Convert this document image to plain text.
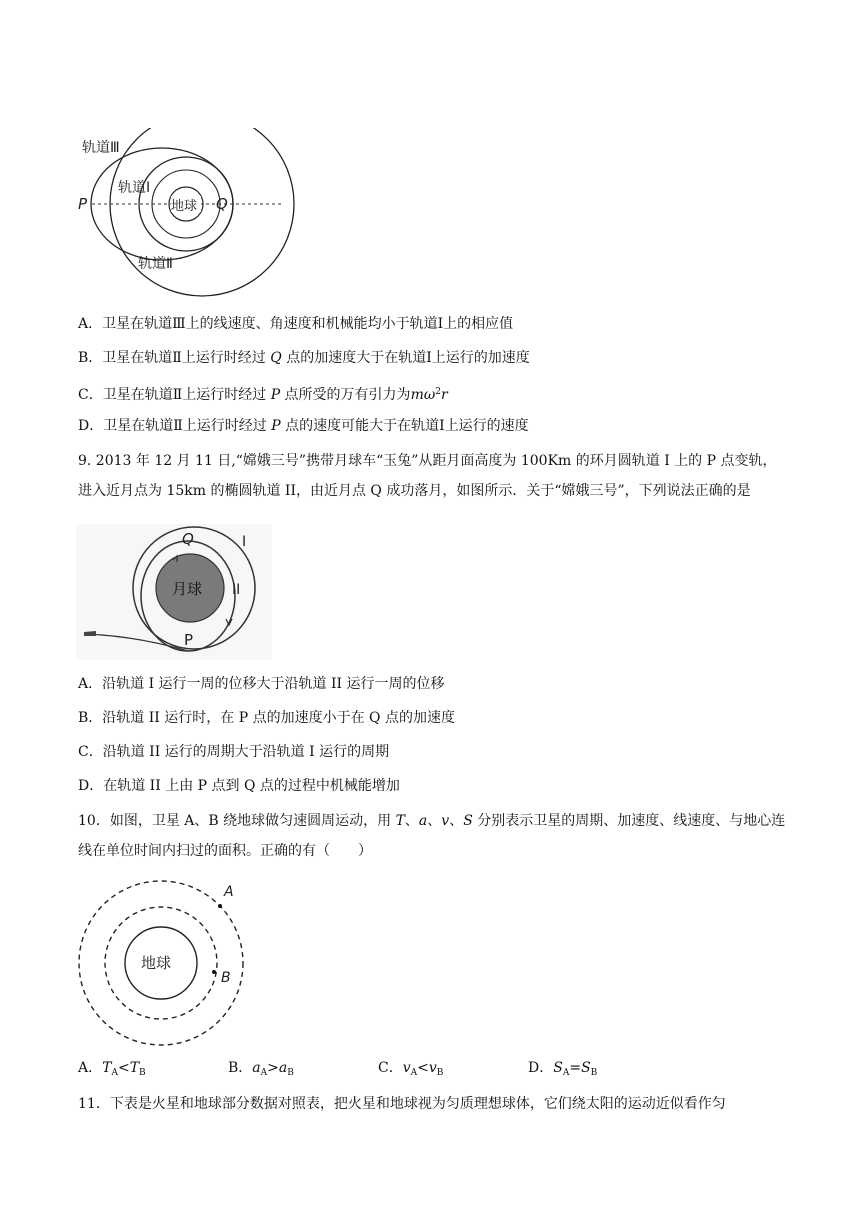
轨道Ⅲ
轨道Ⅰ
轨道Ⅱ
P	Q
地球
A．卫星在轨道Ⅲ上的线速度、角速度和机械能均小于轨道Ⅰ上的相应值
B．卫星在轨道Ⅱ上运行时经过 Q 点的加速度大于在轨道Ⅰ上运行的加速度
C．卫星在轨道Ⅱ上运行时经过 P 点所受的万有引力为$m\omega^2r$
D．卫星在轨道Ⅱ上运行时经过 P 点的速度可能大于在轨道Ⅰ上运行的速度
9. 2013 年 12 月 11 日,“嫦娥三号”携带月球车“玉兔”从距月面高度为 100Km 的环月圆轨道 I 上的 P 点变轨，进入近月点为 15km 的椭圆轨道 II，由近月点 Q 成功落月，如图所示．关于“嫦娥三号”，下列说法正确的是
Q	I
II
月球
P
A．沿轨道 I 运行一周的位移大于沿轨道 II 运行一周的位移
B．沿轨道 II 运行时，在 P 点的加速度小于在 Q 点的加速度
C．沿轨道 II 运行的周期大于沿轨道 I 运行的周期
D．在轨道 II 上由 P 点到 Q 点的过程中机械能增加
10．如图，卫星 A、B 绕地球做匀速圆周运动，用 T、a、v、S 分别表示卫星的周期、加速度、线速度、与地心连线在单位时间内扫过的面积。正确的有（　　）
地球
A
B
A．$T_A<T_B$	B．$a_A>a_B$	C．$v_A<v_B$	D．$S_A=S_B$
11．下表是火星和地球部分数据对照表，把火星和地球视为匀质理想球体，它们绕太阳的运动近似看作匀
